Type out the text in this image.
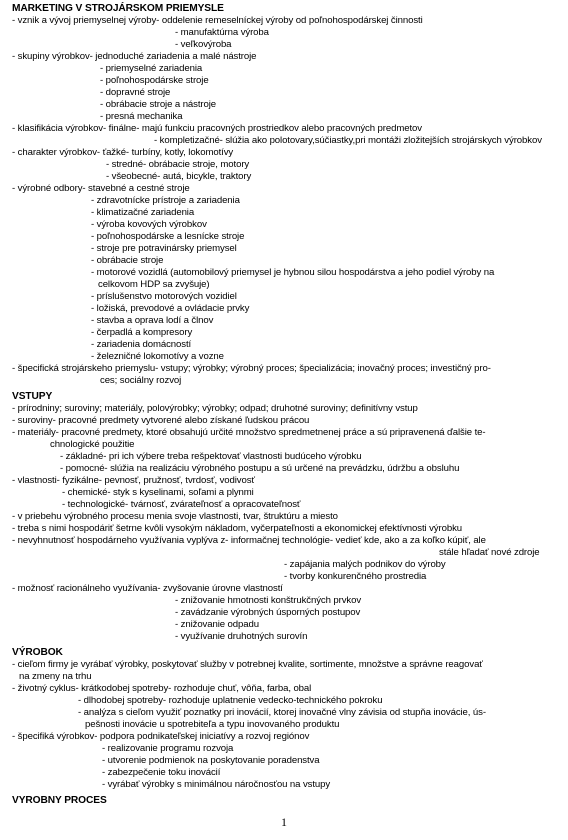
MARKETING V STROJÁRSKOM PRIEMYSLE
- vznik a vývoj priemyselnej výroby- oddelenie remeselníckej výroby od poľnohospodárskej činnosti
- manufaktúrna výroba
- veľkovýroba
- skupiny výrobkov- jednoduché zariadenia a malé nástroje
- priemyselné zariadenia
- poľnohospodárske stroje
- dopravné stroje
- obrábacie stroje a nástroje
- presná mechanika
- klasifikácia výrobkov- finálne- majú funkciu pracovných prostriedkov alebo pracovných predmetov
- kompletizačné- slúžia ako polotovary,súčiastky,pri montáži zložitejších strojárskych výrobkov
- charakter výrobkov- ťažké- turbíny, kotly, lokomotívy
- stredné- obrábacie stroje, motory
- všeobecné- autá, bicykle, traktory
- výrobné odbory- stavebné a cestné stroje
- zdravotnícke prístroje a zariadenia
- klimatizačné zariadenia
- výroba kovových výrobkov
- poľnohospodárske a lesnícke stroje
- stroje pre potravinársky priemysel
- obrábacie stroje
- motorové vozidlá (automobilový priemysel je hybnou silou hospodárstva a jeho podiel výroby na
celkovom HDP sa zvyšuje)
- príslušenstvo motorových vozidiel
- ložiská, prevodové a ovládacie prvky
- stavba a oprava lodí a člnov
- čerpadlá a kompresory
- zariadenia domácností
- železničné lokomotívy a vozne
- špecifická strojárskeho priemyslu- vstupy; výrobky; výrobný proces; špecializácia; inovačný proces; investičný pro-
ces; sociálny rozvoj
VSTUPY
- prírodniny; suroviny; materiály, polovýrobky; výrobky; odpad; druhotné suroviny; definitívny vstup
- suroviny- pracovné predmety vytvorené alebo získané ľudskou prácou
- materiály- pracovné predmety, ktoré obsahujú určité množstvo spredmetnenej práce a sú pripravenená ďalšie te-
chnologické použitie
- základné- pri ich výbere treba rešpektovať vlastnosti budúceho výrobku
- pomocné- slúžia na realizáciu výrobného postupu a sú určené na prevádzku, údržbu a obsluhu
- vlastnosti- fyzikálne- pevnosť, pružnosť, tvrdosť, vodivosť
- chemické- styk s kyselinami, soľami a plynmi
- technologické- tvárnosť, zvárateľnosť a opracovateľnosť
- v priebehu výrobného procesu menia svoje vlastnosti, tvar, štruktúru a miesto
- treba s nimi hospodáriť šetrne kvôli vysokým nákladom, vyčerpateľnosti a ekonomickej efektívnosti výrobku
- nevyhnutnosť hospodárneho využívania vyplýva z- informačnej technológie- vedieť kde, ako a za koľko kúpiť, ale
stále hľadať nové zdroje
- zapájania malých podnikov do výroby
- tvorby konkurenčného prostredia
- možnosť racionálneho využívania- zvyšovanie úrovne vlastností
- znižovanie hmotnosti konštrukčných prvkov
- zavádzanie výrobných úsporných postupov
- znižovanie odpadu
- využívanie druhotných surovín
VÝROBOK
- cieľom firmy je vyrábať výrobky, poskytovať služby v potrebnej kvalite, sortimente, množstve a správne reagovať
na zmeny na trhu
- životný cyklus- krátkodobej spotreby- rozhoduje chuť, vôňa, farba, obal
- dlhodobej spotreby- rozhoduje uplatnenie vedecko-technického pokroku
- analýza s cieľom využiť poznatky pri inovácií, ktorej inovačné vlny závisia od stupňa inovácie, ús-
pešnosti inovácie u spotrebiteľa a typu inovovaného produktu
- špecifiká výrobkov- podpora podnikateľskej iniciatívy a rozvoj regiónov
- realizovanie programu rozvoja
- utvorenie podmienok na poskytovanie poradenstva
- zabezpečenie toku inovácií
- vyrábať výrobky s minimálnou náročnosťou na vstupy
VYROBNY PROCES
1
